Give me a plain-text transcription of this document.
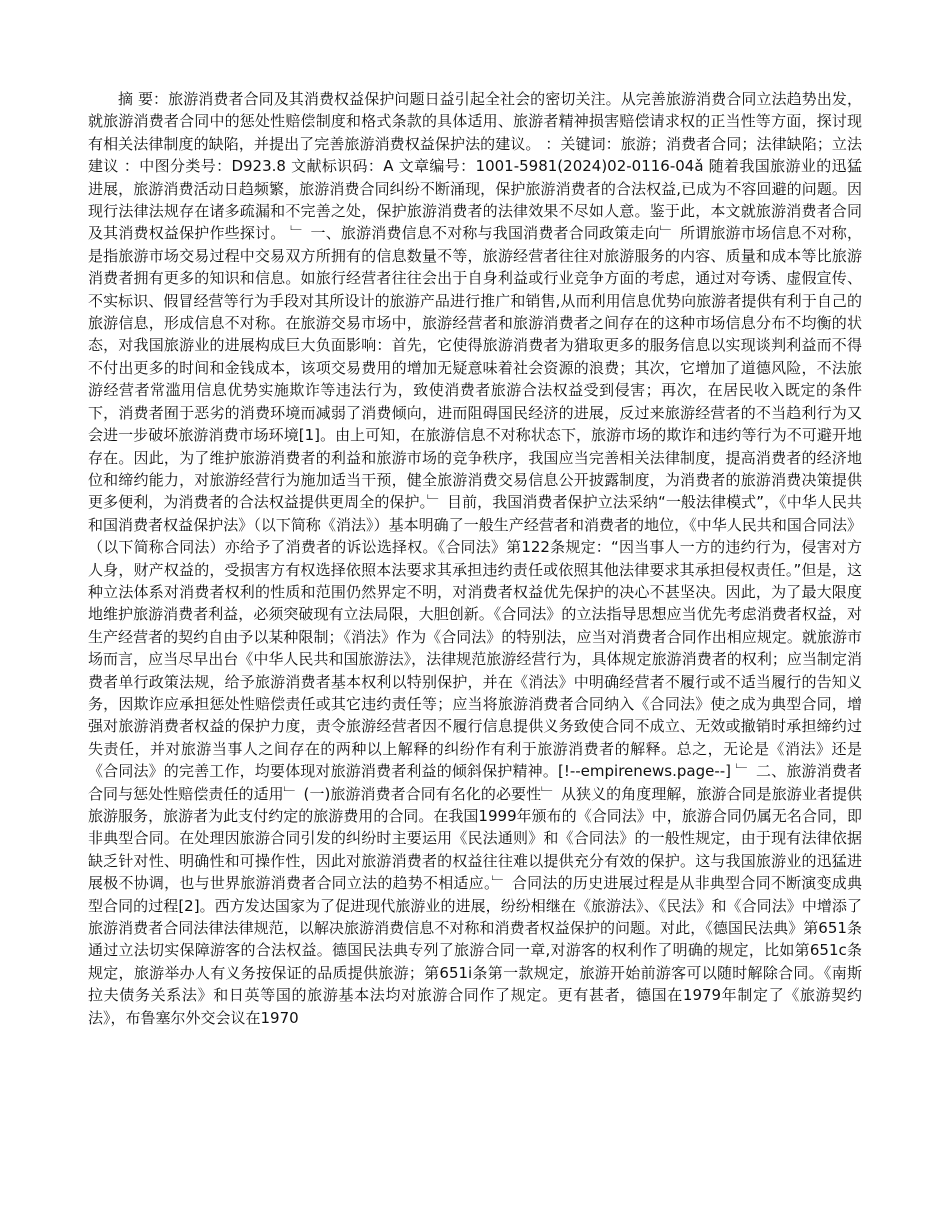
摘 要：旅游消费者合同及其消费权益保护问题日益引起全社会的密切关注。从完善旅游消费合同立法趋势出发，就旅游消费者合同中的惩处性赔偿制度和格式条款的具体适用、旅游者精神损害赔偿请求权的正当性等方面，探讨现有相关法律制度的缺陷，并提出了完善旅游消费权益保护法的建议。 ：关键词：旅游；消费者合同；法律缺陷；立法建议 ：中图分类号：D923.8 文献标识码：A 文章编号：1001-5981(2024)02-0116-04ǎ 随着我国旅游业的迅猛进展，旅游消费活动日趋频繁，旅游消费合同纠纷不断涌现，保护旅游消费者的合法权益,已成为不容回避的问题。因现行法律法规存在诸多疏漏和不完善之处，保护旅游消费者的法律效果不尽如人意。鉴于此，本文就旅游消费者合同及其消费权益保护作些探讨。 ﹂ 一、旅游消费信息不对称与我国消费者合同政策走向﹂ 所谓旅游市场信息不对称，是指旅游市场交易过程中交易双方所拥有的信息数量不等，旅游经营者往往对旅游服务的内容、质量和成本等比旅游消费者拥有更多的知识和信息。如旅行经营者往往会出于自身利益或行业竞争方面的考虑，通过对夸诱、虚假宣传、不实标识、假冒经营等行为手段对其所设计的旅游产品进行推广和销售,从而利用信息优势向旅游者提供有利于自己的旅游信息，形成信息不对称。在旅游交易市场中，旅游经营者和旅游消费者之间存在的这种市场信息分布不均衡的状态，对我国旅游业的进展构成巨大负面影响：首先，它使得旅游消费者为猎取更多的服务信息以实现谈判利益而不得不付出更多的时间和金钱成本，该项交易费用的增加无疑意味着社会资源的浪费；其次，它增加了道德风险，不法旅游经营者常滥用信息优势实施欺诈等违法行为，致使消费者旅游合法权益受到侵害；再次，在居民收入既定的条件下，消费者囿于恶劣的消费环境而减弱了消费倾向，进而阻碍国民经济的进展，反过来旅游经营者的不当趋利行为又会进一步破坏旅游消费市场环境[1]。由上可知，在旅游信息不对称状态下，旅游市场的欺诈和违约等行为不可避开地存在。因此，为了维护旅游消费者的利益和旅游市场的竞争秩序，我国应当完善相关法律制度，提高消费者的经济地位和缔约能力，对旅游经营行为施加适当干预，健全旅游消费交易信息公开披露制度，为消费者的旅游消费决策提供更多便利，为消费者的合法权益提供更周全的保护。﹂ 目前，我国消费者保护立法采纳“一般法律模式”，《中华人民共和国消费者权益保护法》（以下简称《消法》）基本明确了一般生产经营者和消费者的地位，《中华人民共和国合同法》（以下简称合同法）亦给予了消费者的诉讼选择权。《合同法》第122条规定：“因当事人一方的违约行为，侵害对方人身，财产权益的，受损害方有权选择依照本法要求其承担违约责任或依照其他法律要求其承担侵权责任。”但是，这种立法体系对消费者权利的性质和范围仍然界定不明，对消费者权益优先保护的决心不甚坚决。因此，为了最大限度地维护旅游消费者利益，必须突破现有立法局限，大胆创新。《合同法》的立法指导思想应当优先考虑消费者权益，对生产经营者的契约自由予以某种限制；《消法》作为《合同法》的特别法，应当对消费者合同作出相应规定。就旅游市场而言，应当尽早出台《中华人民共和国旅游法》，法律规范旅游经营行为，具体规定旅游消费者的权利；应当制定消费者单行政策法规，给予旅游消费者基本权利以特别保护，并在《消法》中明确经营者不履行或不适当履行的告知义务，因欺诈应承担惩处性赔偿责任或其它违约责任等；应当将旅游消费者合同纳入《合同法》使之成为典型合同，增强对旅游消费者权益的保护力度，责令旅游经营者因不履行信息提供义务致使合同不成立、无效或撤销时承担缔约过失责任，并对旅游当事人之间存在的两种以上解释的纠纷作有利于旅游消费者的解释。总之，无论是《消法》还是《合同法》的完善工作，均要体现对旅游消费者利益的倾斜保护精神。[!--empirenews.page--] ﹂ 二、旅游消费者合同与惩处性赔偿责任的适用﹂ (一)旅游消费者合同有名化的必要性﹂ 从狭义的角度理解，旅游合同是旅游业者提供旅游服务，旅游者为此支付约定的旅游费用的合同。在我国1999年颁布的《合同法》中，旅游合同仍属无名合同，即非典型合同。在处理因旅游合同引发的纠纷时主要运用《民法通则》和《合同法》的一般性规定，由于现有法律依据缺乏针对性、明确性和可操作性，因此对旅游消费者的权益往往难以提供充分有效的保护。这与我国旅游业的迅猛进展极不协调，也与世界旅游消费者合同立法的趋势不相适应。﹂ 合同法的历史进展过程是从非典型合同不断演变成典型合同的过程[2]。西方发达国家为了促进现代旅游业的进展，纷纷相继在《旅游法》、《民法》和《合同法》中增添了旅游消费者合同法律法律规范，以解决旅游消费信息不对称和消费者权益保护的问题。对此，《德国民法典》第651条通过立法切实保障游客的合法权益。德国民法典专列了旅游合同一章,对游客的权利作了明确的规定，比如第651c条规定，旅游举办人有义务按保证的品质提供旅游；第651i条第一款规定，旅游开始前游客可以随时解除合同。《南斯拉夫债务关系法》和日英等国的旅游基本法均对旅游合同作了规定。更有甚者，德国在1979年制定了《旅游契约法》，布鲁塞尔外交会议在1970
